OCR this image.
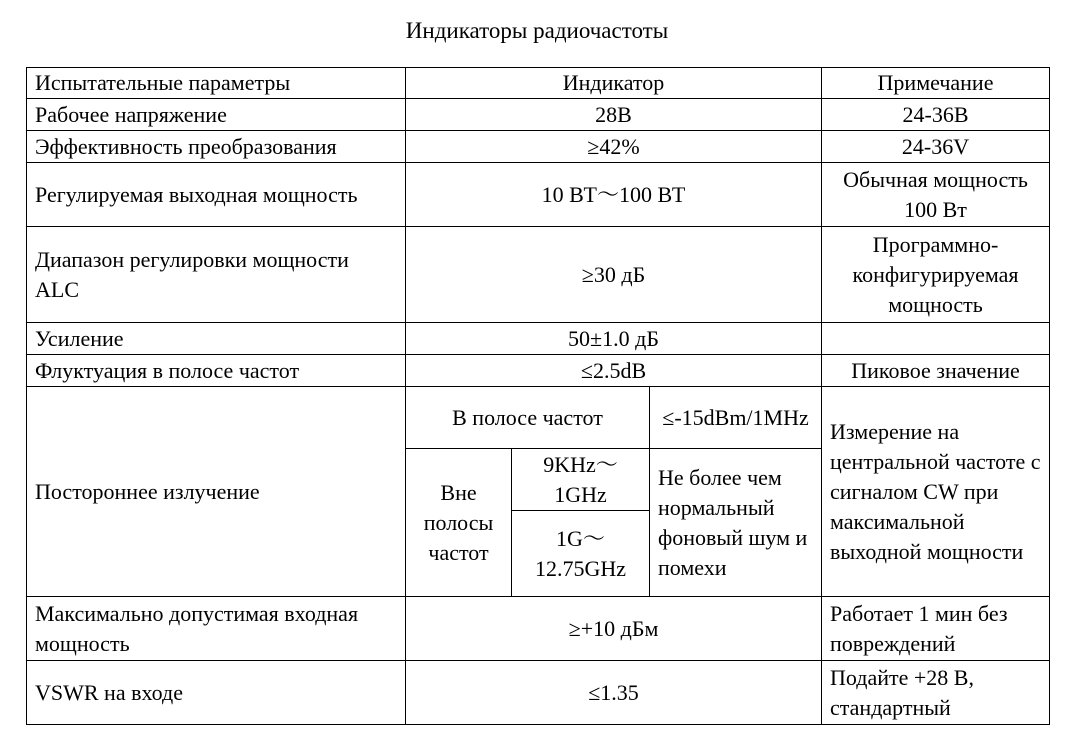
Индикаторы радиочастоты
Испытательные параметры	Индикатор			Примечание
Рабочее напряжение	28В			24-36В
Эффективность преобразования	≥42%			24-36V
Регулируемая выходная мощность	10 ВТ～100 ВТ			Обычная мощность 100 Вт
Диапазон регулировки мощности ALC	≥30 дБ			Программно-конфигурируемая мощность
Усиление	50±1.0 дБ			
Флуктуация в полосе частот	≤2.5dB			Пиковое значение
Постороннее излучение	В полосе частот		≤-15dBm/1MHz	Измерение на центральной частоте с сигналом CW при максимальной выходной мощности
	Вне полосы частот	9KHz～1GHz	Не более чем нормальный фоновый шум и помехи	
		1G～12.75GHz		
Максимально допустимая входная мощность	≥+10 дБм			Работает 1 мин без повреждений
VSWR на входе	≤1.35			Подайте +28 В, стандартный
